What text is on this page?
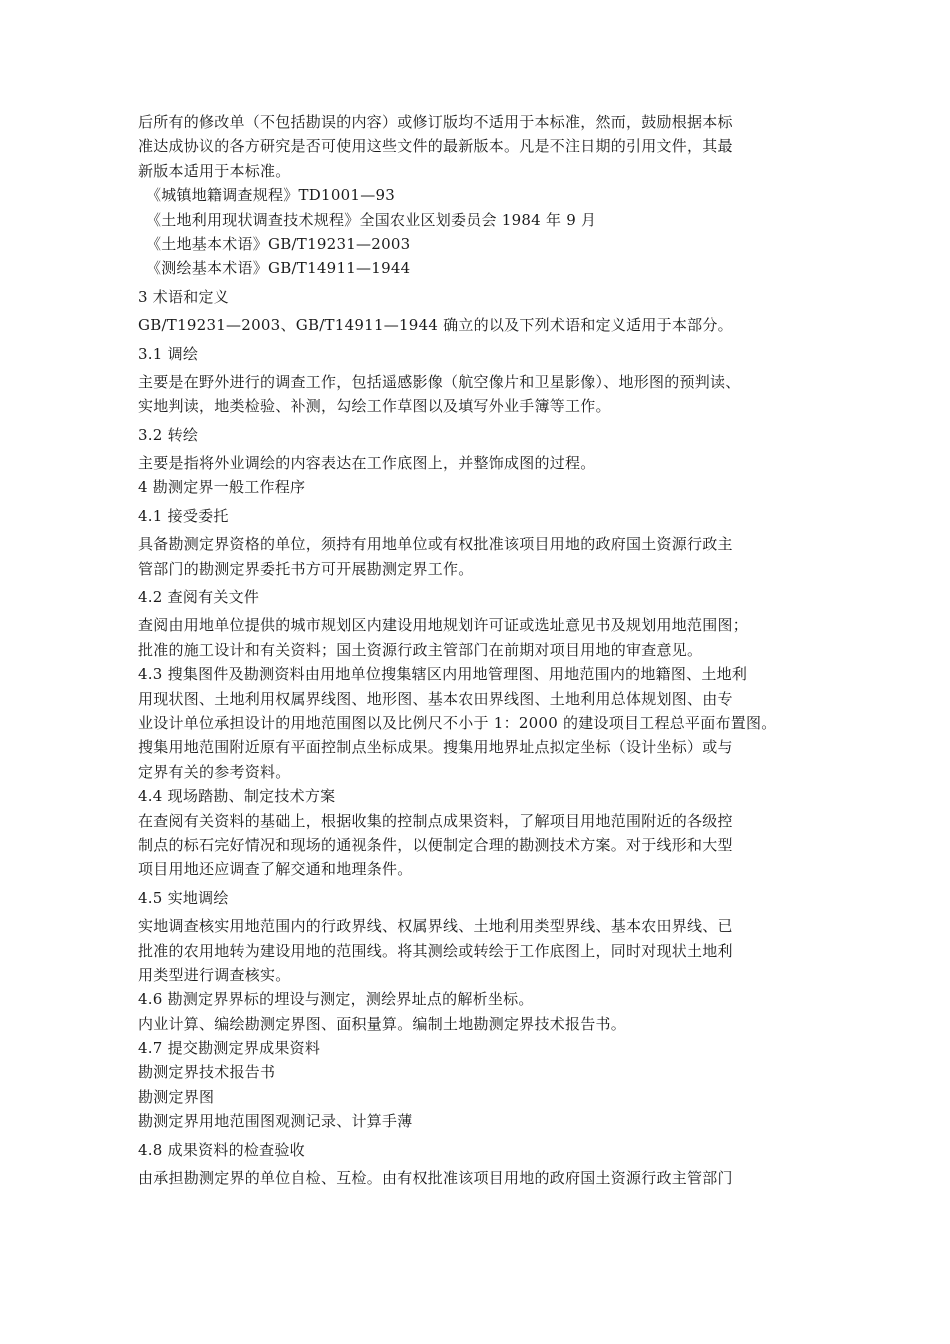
后所有的修改单（不包括勘误的内容）或修订版均不适用于本标准，然而，鼓励根据本标
准达成协议的各方研究是否可使用这些文件的最新版本。凡是不注日期的引用文件，其最
新版本适用于本标准。
《城镇地籍调查规程》TD1001—93
《土地利用现状调查技术规程》全国农业区划委员会 1984 年 9 月
《土地基本术语》GB/T19231—2003
《测绘基本术语》GB/T14911—1944
3 术语和定义
GB/T19231—2003、GB/T14911—1944 确立的以及下列术语和定义适用于本部分。
3.1 调绘
主要是在野外进行的调查工作，包括遥感影像（航空像片和卫星影像）、地形图的预判读、
实地判读，地类检验、补测，勾绘工作草图以及填写外业手簿等工作。
3.2 转绘
主要是指将外业调绘的内容表达在工作底图上，并整饰成图的过程。
4 勘测定界一般工作程序
4.1 接受委托
具备勘测定界资格的单位，须持有用地单位或有权批准该项目用地的政府国土资源行政主
管部门的勘测定界委托书方可开展勘测定界工作。
4.2 查阅有关文件
查阅由用地单位提供的城市规划区内建设用地规划许可证或选址意见书及规划用地范围图；
批准的施工设计和有关资料；国土资源行政主管部门在前期对项目用地的审查意见。
4.3 搜集图件及勘测资料由用地单位搜集辖区内用地管理图、用地范围内的地籍图、土地利
用现状图、土地利用权属界线图、地形图、基本农田界线图、土地利用总体规划图、由专
业设计单位承担设计的用地范围图以及比例尺不小于 1：2000 的建设项目工程总平面布置图。
搜集用地范围附近原有平面控制点坐标成果。搜集用地界址点拟定坐标（设计坐标）或与
定界有关的参考资料。
4.4 现场踏勘、制定技术方案
在查阅有关资料的基础上，根据收集的控制点成果资料，了解项目用地范围附近的各级控
制点的标石完好情况和现场的通视条件，以便制定合理的勘测技术方案。对于线形和大型
项目用地还应调查了解交通和地理条件。
4.5 实地调绘
实地调查核实用地范围内的行政界线、权属界线、土地利用类型界线、基本农田界线、已
批准的农用地转为建设用地的范围线。将其测绘或转绘于工作底图上，同时对现状土地利
用类型进行调查核实。
4.6 勘测定界界标的埋设与测定，测绘界址点的解析坐标。
内业计算、编绘勘测定界图、面积量算。编制土地勘测定界技术报告书。
4.7 提交勘测定界成果资料
勘测定界技术报告书
勘测定界图
勘测定界用地范围图观测记录、计算手薄
4.8 成果资料的检查验收
由承担勘测定界的单位自检、互检。由有权批准该项目用地的政府国土资源行政主管部门
